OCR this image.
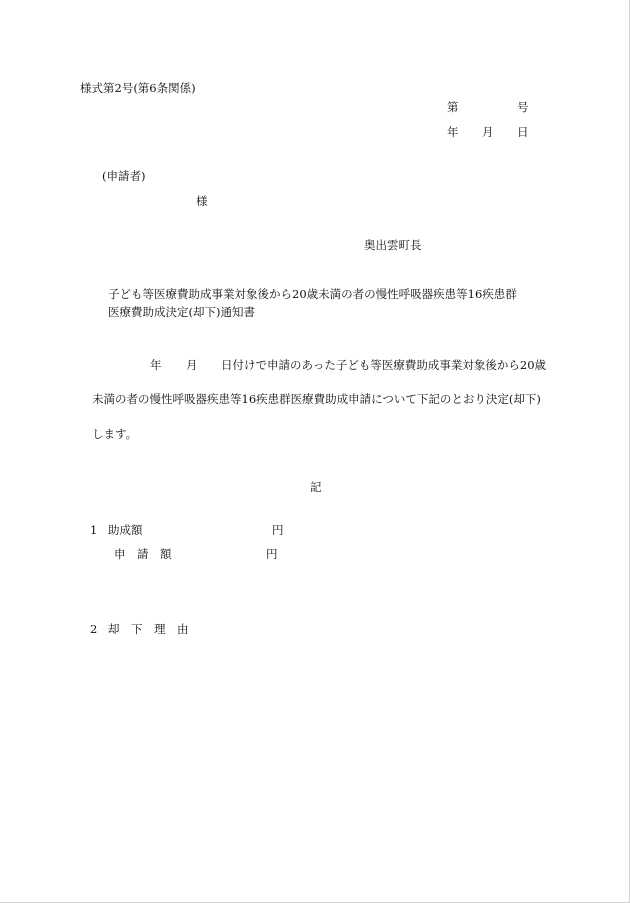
様式第2号(第6条関係)
第	号
年 月 日
(申請者)
様
奥出雲町長
子ども等医療費助成事業対象後から20歳未満の者の慢性呼吸器疾患等16疾患群
医療費助成決定(却下)通知書
年 月 日付けで申請のあった子ども等医療費助成事業対象後から20歳
未満の者の慢性呼吸器疾患等16疾患群医療費助成申請について下記のとおり決定(却下)
します。
記
1 助成額	円
申　請　額	円
2 却　下　理　由
